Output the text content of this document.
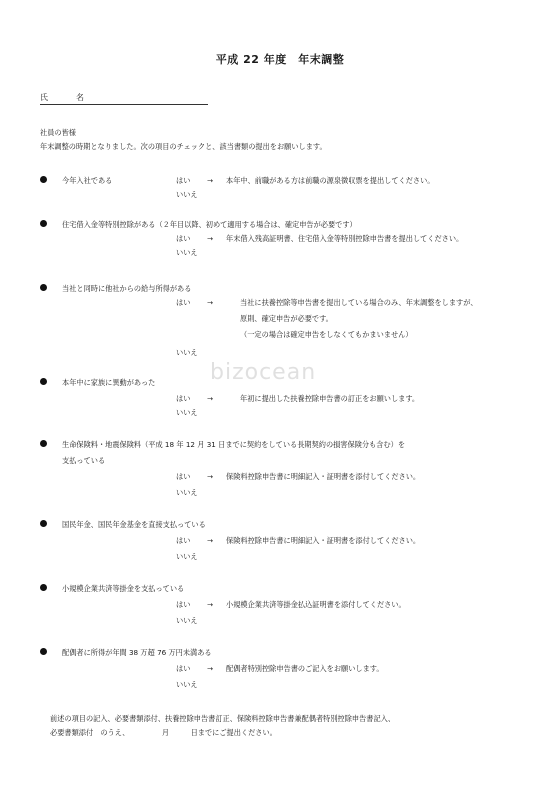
平成 22 年度　年末調整
氏　名
社員の皆様
年末調整の時期となりました。次の項目のチェックと、該当書類の提出をお願いします。
今年入社である	はい	→	本年中、前職がある方は前職の源泉徴収票を提出してください。
いいえ
住宅借入金等特別控除がある（２年目以降、初めて適用する場合は、確定申告が必要です）
はい	→	年末借入残高証明書、住宅借入金等特別控除申告書を提出してください。
いいえ
当社と同時に他社からの給与所得がある
はい	→	当社に扶養控除等申告書を提出している場合のみ、年末調整をしますが、
原則、確定申告が必要です。
（一定の場合は確定申告をしなくてもかまいません）
いいえ
本年中に家族に異動があった
はい	→	年初に提出した扶養控除申告書の訂正をお願いします。
いいえ
生命保険料・地震保険料（平成 18 年 12 月 31 日までに契約をしている長期契約の損害保険分も含む）を
支払っている
はい	→	保険料控除申告書に明細記入・証明書を添付してください。
いいえ
国民年金、国民年金基金を直接支払っている
はい	→	保険料控除申告書に明細記入・証明書を添付してください。
いいえ
小規模企業共済等掛金を支払っている
はい	→	小規模企業共済等掛金払込証明書を添付してください。
いいえ
配偶者に所得が年間 38 万超 76 万円未満ある
はい	→	配偶者特別控除申告書のご記入をお願いします。
いいえ
前述の項目の記入、必要書類添付、扶養控除申告書訂正、保険料控除申告書兼配偶者特別控除申告書記入、
必要書類添付　のうえ、　　　　　月　　　日までにご提出ください。
bizocean
